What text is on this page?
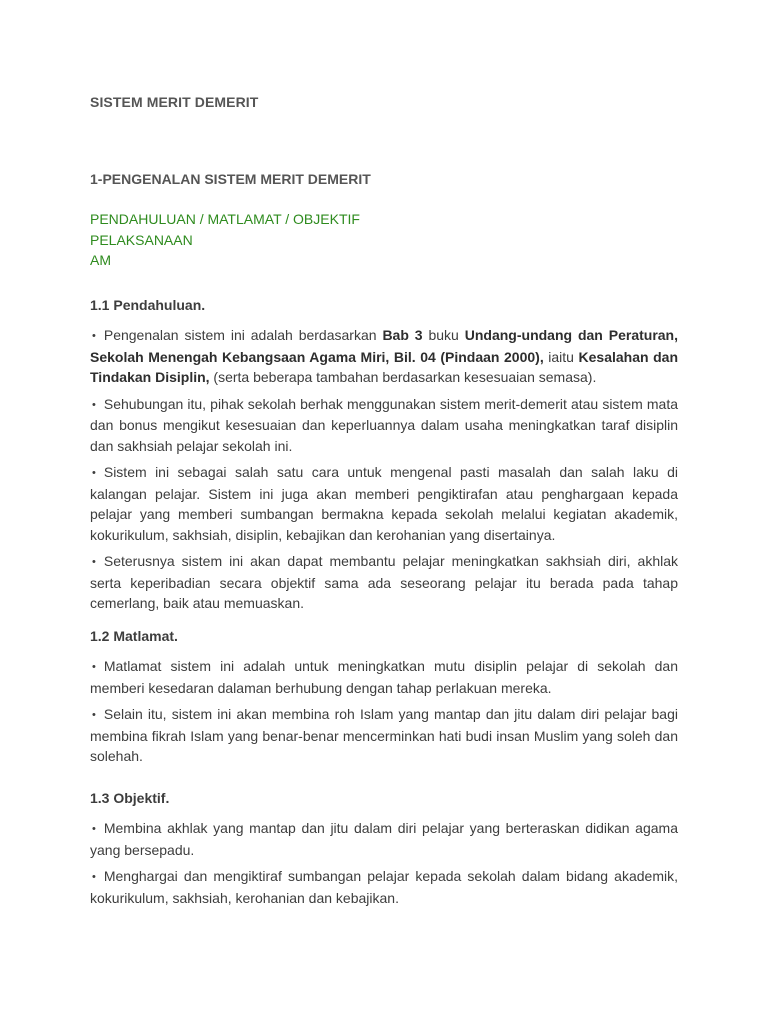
SISTEM MERIT DEMERIT
1-PENGENALAN SISTEM MERIT DEMERIT
PENDAHULUAN / MATLAMAT / OBJEKTIF
PELAKSANAAN
AM
1.1 Pendahuluan.

• Pengenalan sistem ini adalah berdasarkan Bab 3 buku Undang-undang dan Peraturan, Sekolah Menengah Kebangsaan Agama Miri, Bil. 04 (Pindaan 2000), iaitu Kesalahan dan Tindakan Disiplin, (serta beberapa tambahan berdasarkan kesesuaian semasa).

• Sehubungan itu, pihak sekolah berhak menggunakan sistem merit-demerit atau sistem mata dan bonus mengikut kesesuaian dan keperluannya dalam usaha meningkatkan taraf disiplin dan sakhsiah pelajar sekolah ini.

• Sistem ini sebagai salah satu cara untuk mengenal pasti masalah dan salah laku di kalangan pelajar. Sistem ini juga akan memberi pengiktirafan atau penghargaan kepada pelajar yang memberi sumbangan bermakna kepada sekolah melalui kegiatan akademik, kokurikulum, sakhsiah, disiplin, kebajikan dan kerohanian yang disertainya.

• Seterusnya sistem ini akan dapat membantu pelajar meningkatkan sakhsiah diri, akhlak serta keperibadian secara objektif sama ada seseorang pelajar itu berada pada tahap cemerlang, baik atau memuaskan.

1.2 Matlamat.

• Matlamat sistem ini adalah untuk meningkatkan mutu disiplin pelajar di sekolah dan memberi kesedaran dalaman berhubung dengan tahap perlakuan mereka.

• Selain itu, sistem ini akan membina roh Islam yang mantap dan jitu dalam diri pelajar bagi membina fikrah Islam yang benar-benar mencerminkan hati budi insan Muslim yang soleh dan solehah.

1.3 Objektif.

• Membina akhlak yang mantap dan jitu dalam diri pelajar yang berteraskan didikan agama yang bersepadu.

• Menghargai dan mengiktiraf sumbangan pelajar kepada sekolah dalam bidang akademik, kokurikulum, sakhsiah, kerohanian dan kebajikan.
